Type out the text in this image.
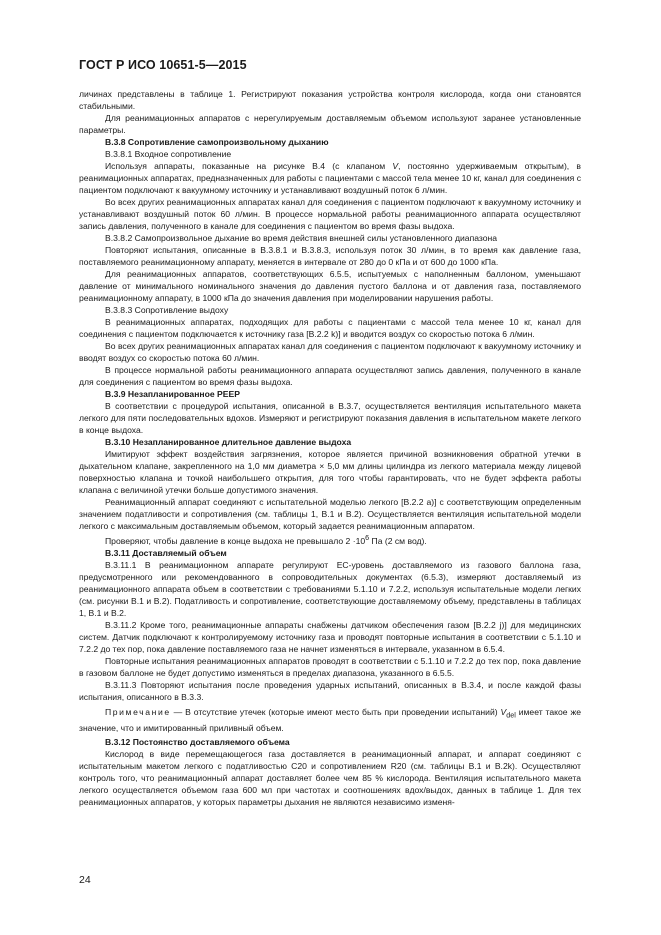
ГОСТ Р ИСО 10651-5—2015

личинах представлены в таблице 1. Регистрируют показания устройства контроля кислорода, когда они становятся стабильными.

Для реанимационных аппаратов с нерегулируемым доставляемым объемом используют заранее установленные параметры.

В.3.8 Сопротивление самопроизвольному дыханию

В.3.8.1 Входное сопротивление

Используя аппараты, показанные на рисунке В.4 (с клапаном V, постоянно удерживаемым открытым), в реанимационных аппаратах, предназначенных для работы с пациентами с массой тела менее 10 кг, канал для соединения с пациентом подключают к вакуумному источнику и устанавливают воздушный поток 6 л/мин.

Во всех других реанимационных аппаратах канал для соединения с пациентом подключают к вакуумному источнику и устанавливают воздушный поток 60 л/мин. В процессе нормальной работы реанимационного аппарата осуществляют запись давления, полученного в канале для соединения с пациентом во время фазы выдоха.

В.3.8.2 Самопроизвольное дыхание во время действия внешней силы установленного диапазона

Повторяют испытания, описанные в В.3.8.1 и В.3.8.3, используя поток 30 л/мин, в то время как давление газа, поставляемого реанимационному аппарату, меняется в интервале от 280 до 0 кПа и от 600 до 1000 кПа.

Для реанимационных аппаратов, соответствующих 6.5.5, испытуемых с наполненным баллоном, уменьшают давление от минимального номинального значения до давления пустого баллона и от давления газа, поставляемого реанимационному аппарату, в 1000 кПа до значения давления при моделировании нарушения работы.

В.3.8.3 Сопротивление выдоху

В реанимационных аппаратах, подходящих для работы с пациентами с массой тела менее 10 кг, канал для соединения с пациентом подключается к источнику газа [В.2.2 k)] и вводится воздух со скоростью потока 6 л/мин.

Во всех других реанимационных аппаратах канал для соединения с пациентом подключают к вакуумному источнику и вводят воздух со скоростью потока 60 л/мин.

В процессе нормальной работы реанимационного аппарата осуществляют запись давления, полученного в канале для соединения с пациентом во время фазы выдоха.

В.3.9 Незапланированное PEEP

В соответствии с процедурой испытания, описанной в В.3.7, осуществляется вентиляция испытательного макета легкого для пяти последовательных вдохов. Измеряют и регистрируют показания давления в испытательном макете легкого в конце выдоха.

В.3.10 Незапланированное длительное давление выдоха

Имитируют эффект воздействия загрязнения, которое является причиной возникновения обратной утечки в дыхательном клапане, закрепленного на 1,0 мм диаметра × 5,0 мм длины цилиндра из легкого материала между лицевой поверхностью клапана и точкой наибольшего открытия, для того чтобы гарантировать, что не будет эффекта работы клапана с величиной утечки больше допустимого значения.

Реанимационный аппарат соединяют с испытательной моделью легкого [В.2.2 а)] с соответствующим определенным значением податливости и сопротивления (см. таблицы 1, В.1 и В.2). Осуществляется вентиляция испытательной модели легкого с максимальным доставляемым объемом, который задается реанимационным аппаратом.

Проверяют, чтобы давление в конце выдоха не превышало $2 \cdot 10^6$ Па (2 см вод).

В.3.11 Доставляемый объем

В.3.11.1 В реанимационном аппарате регулируют ЕС-уровень доставляемого из газового баллона газа, предусмотренного или рекомендованного в сопроводительных документах (6.5.3), измеряют доставляемый из реанимационного аппарата объем в соответствии с требованиями 5.1.10 и 7.2.2, используя испытательные модели легких (см. рисунки В.1 и В.2). Податливость и сопротивление, соответствующие доставляемому объему, представлены в таблицах 1, В.1 и В.2.

В.3.11.2 Кроме того, реанимационные аппараты снабжены датчиком обеспечения газом [В.2.2 j)] для медицинских систем. Датчик подключают к контролируемому источнику газа и проводят повторные испытания в соответствии с 5.1.10 и 7.2.2 до тех пор, пока давление поставляемого газа не начнет изменяться в интервале, указанном в 6.5.4.

Повторные испытания реанимационных аппаратов проводят в соответствии с 5.1.10 и 7.2.2 до тех пор, пока давление в газовом баллоне не будет допустимо изменяться в пределах диапазона, указанного в 6.5.5.

В.3.11.3 Повторяют испытания после проведения ударных испытаний, описанных в В.3.4, и после каждой фазы испытания, описанного в В.3.3.

Примечание — В отсутствие утечек (которые имеют место быть при проведении испытаний) $V_{del}$ имеет такое же значение, что и имитированный приливный объем.

В.3.12 Постоянство доставляемого объема

Кислород в виде перемещающегося газа доставляется в реанимационный аппарат, и аппарат соединяют с испытательным макетом легкого с податливостью С20 и сопротивлением R20 (см. таблицы В.1 и В.2k). Осуществляют контроль того, что реанимационный аппарат доставляет более чем 85 % кислорода. Вентиляция испытательного макета легкого осуществляется объемом газа 600 мл при частотах и соотношениях вдох/выдох, данных в таблице 1. Для тех реанимационных аппаратов, у которых параметры дыхания не являются независимо изменя-

24
